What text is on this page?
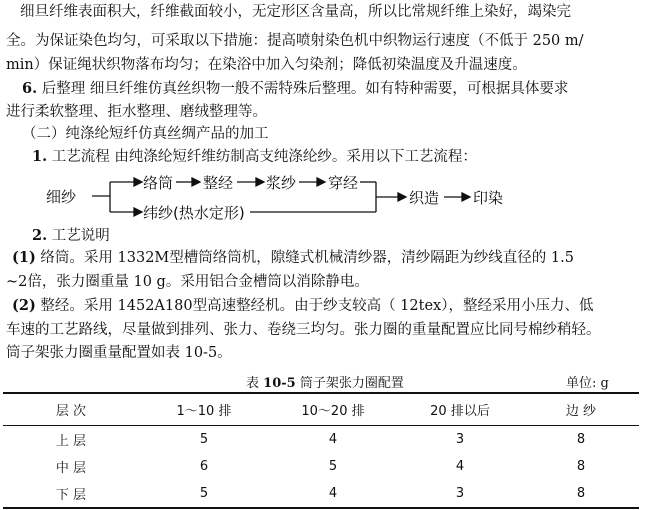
细旦纤维表面积大，纤维截面较小，无定形区含量高，所以比常规纤维上染好，竭染完
全。为保证染色均匀，可采取以下措施：提高喷射染色机中织物运行速度（不低于 250 m/
min）保证绳状织物落布均匀；在染浴中加入匀染剂；降低初染温度及升温速度。
6. 后整理 细旦纤维仿真丝织物一般不需特殊后整理。如有特种需要，可根据具体要求
进行柔软整理、拒水整理、磨绒整理等。
（二）纯涤纶短纤仿真丝绸产品的加工
1. 工艺流程 由纯涤纶短纤维纺制高支纯涤纶纱。采用以下工艺流程：
细纱
络筒 整经 浆纱 穿经
纬纱(热水定形)
织造 印染
2. 工艺说明
(1) 络筒。采用 1332M型槽筒络筒机，隙缝式机械清纱器，清纱隔距为纱线直径的 1.5
~2倍，张力圈重量 10 g。采用铝合金槽筒以消除静电。
(2) 整经。采用 1452A180型高速整经机。由于纱支较高（ 12tex），整经采用小压力、低
车速的工艺路线，尽量做到排列、张力、卷绕三均匀。张力圈的重量配置应比同号棉纱稍轻。
筒子架张力圈重量配置如表 10-5。
表 10-5 筒子架张力圈配置	单位: g
层 次	1～10 排	10～20 排	20 排以后	边 纱
上 层	5	4	3	8
中 层	6	5	4	8
下 层	5	4	3	8
